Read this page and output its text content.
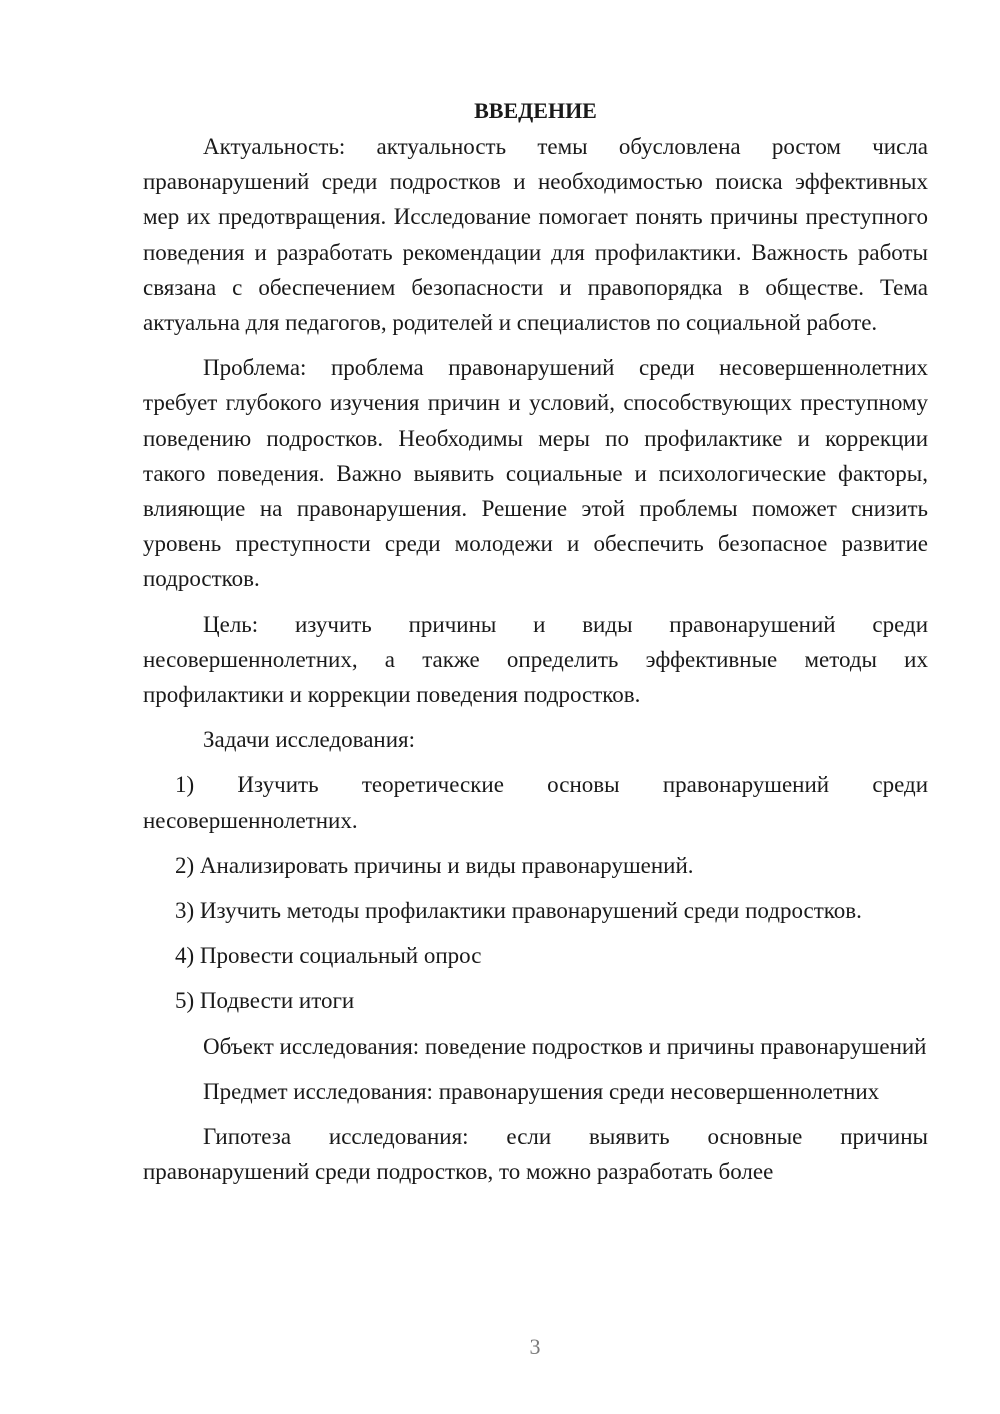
ВВЕДЕНИЕ

Актуальность: актуальность темы обусловлена ростом числа правонарушений среди подростков и необходимостью поиска эффективных мер их предотвращения. Исследование помогает понять причины преступного поведения и разработать рекомендации для профилактики. Важность работы связана с обеспечением безопасности и правопорядка в обществе. Тема актуальна для педагогов, родителей и специалистов по социальной работе.

Проблема: проблема правонарушений среди несовершеннолетних требует глубокого изучения причин и условий, способствующих преступному поведению подростков. Необходимы меры по профилактике и коррекции такого поведения. Важно выявить социальные и психологические факторы, влияющие на правонарушения. Решение этой проблемы поможет снизить уровень преступности среди молодежи и обеспечить безопасное развитие подростков.

Цель: изучить причины и виды правонарушений среди несовершеннолетних, а также определить эффективные методы их профилактики и коррекции поведения подростков.

Задачи исследования:

1) Изучить теоретические основы правонарушений среди несовершеннолетних.

2) Анализировать причины и виды правонарушений.

3) Изучить методы профилактики правонарушений среди подростков.

4) Провести социальный опрос

5) Подвести итоги

Объект исследования: поведение подростков и причины правонарушений

Предмет исследования: правонарушения среди несовершеннолетних

Гипотеза исследования: если выявить основные причины правонарушений среди подростков, то можно разработать более

3
